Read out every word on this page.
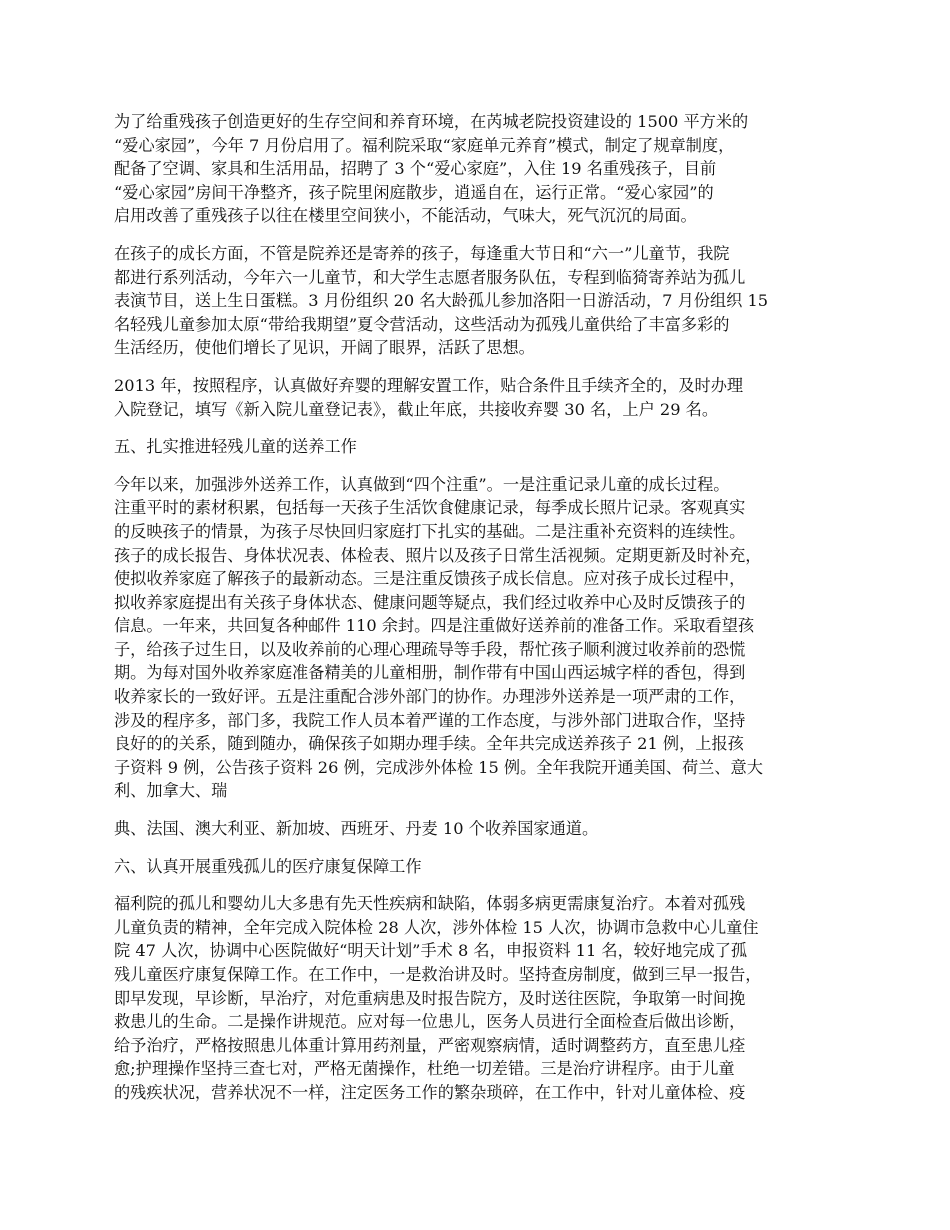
为了给重残孩子创造更好的生存空间和养育环境，在芮城老院投资建设的 1500 平方米的
“爱心家园”，今年 7 月份启用了。福利院采取“家庭单元养育”模式，制定了规章制度，
配备了空调、家具和生活用品，招聘了 3 个“爱心家庭”，入住 19 名重残孩子，目前
“爱心家园”房间干净整齐，孩子院里闲庭散步，逍遥自在，运行正常。“爱心家园”的
启用改善了重残孩子以往在楼里空间狭小，不能活动，气味大，死气沉沉的局面。
在孩子的成长方面，不管是院养还是寄养的孩子，每逢重大节日和“六一”儿童节，我院
都进行系列活动，今年六一儿童节，和大学生志愿者服务队伍，专程到临猗寄养站为孤儿
表演节目，送上生日蛋糕。3 月份组织 20 名大龄孤儿参加洛阳一日游活动，7 月份组织 15
名轻残儿童参加太原“带给我期望”夏令营活动，这些活动为孤残儿童供给了丰富多彩的
生活经历，使他们增长了见识，开阔了眼界，活跃了思想。
2013 年，按照程序，认真做好弃婴的理解安置工作，贴合条件且手续齐全的，及时办理
入院登记，填写《新入院儿童登记表》，截止年底，共接收弃婴 30 名，上户 29 名。
五、扎实推进轻残儿童的送养工作
今年以来，加强涉外送养工作，认真做到“四个注重”。一是注重记录儿童的成长过程。
注重平时的素材积累，包括每一天孩子生活饮食健康记录，每季成长照片记录。客观真实
的反映孩子的情景，为孩子尽快回归家庭打下扎实的基础。二是注重补充资料的连续性。
孩子的成长报告、身体状况表、体检表、照片以及孩子日常生活视频。定期更新及时补充，
使拟收养家庭了解孩子的最新动态。三是注重反馈孩子成长信息。应对孩子成长过程中，
拟收养家庭提出有关孩子身体状态、健康问题等疑点，我们经过收养中心及时反馈孩子的
信息。一年来，共回复各种邮件 110 余封。四是注重做好送养前的准备工作。采取看望孩
子，给孩子过生日，以及收养前的心理心理疏导等手段，帮忙孩子顺利渡过收养前的恐慌
期。为每对国外收养家庭准备精美的儿童相册，制作带有中国山西运城字样的香包，得到
收养家长的一致好评。五是注重配合涉外部门的协作。办理涉外送养是一项严肃的工作，
涉及的程序多，部门多，我院工作人员本着严谨的工作态度，与涉外部门进取合作，坚持
良好的的关系，随到随办，确保孩子如期办理手续。全年共完成送养孩子 21 例，上报孩
子资料 9 例，公告孩子资料 26 例，完成涉外体检 15 例。全年我院开通美国、荷兰、意大
利、加拿大、瑞
典、法国、澳大利亚、新加坡、西班牙、丹麦 10 个收养国家通道。
六、认真开展重残孤儿的医疗康复保障工作
福利院的孤儿和婴幼儿大多患有先天性疾病和缺陷，体弱多病更需康复治疗。本着对孤残
儿童负责的精神，全年完成入院体检 28 人次，涉外体检 15 人次，协调市急救中心儿童住
院 47 人次，协调中心医院做好“明天计划”手术 8 名，申报资料 11 名，较好地完成了孤
残儿童医疗康复保障工作。在工作中，一是救治讲及时。坚持查房制度，做到三早一报告，
即早发现，早诊断，早治疗，对危重病患及时报告院方，及时送往医院，争取第一时间挽
救患儿的生命。二是操作讲规范。应对每一位患儿，医务人员进行全面检查后做出诊断，
给予治疗，严格按照患儿体重计算用药剂量，严密观察病情，适时调整药方，直至患儿痊
愈;护理操作坚持三查七对，严格无菌操作，杜绝一切差错。三是治疗讲程序。由于儿童
的残疾状况，营养状况不一样，注定医务工作的繁杂琐碎，在工作中，针对儿童体检、疫
